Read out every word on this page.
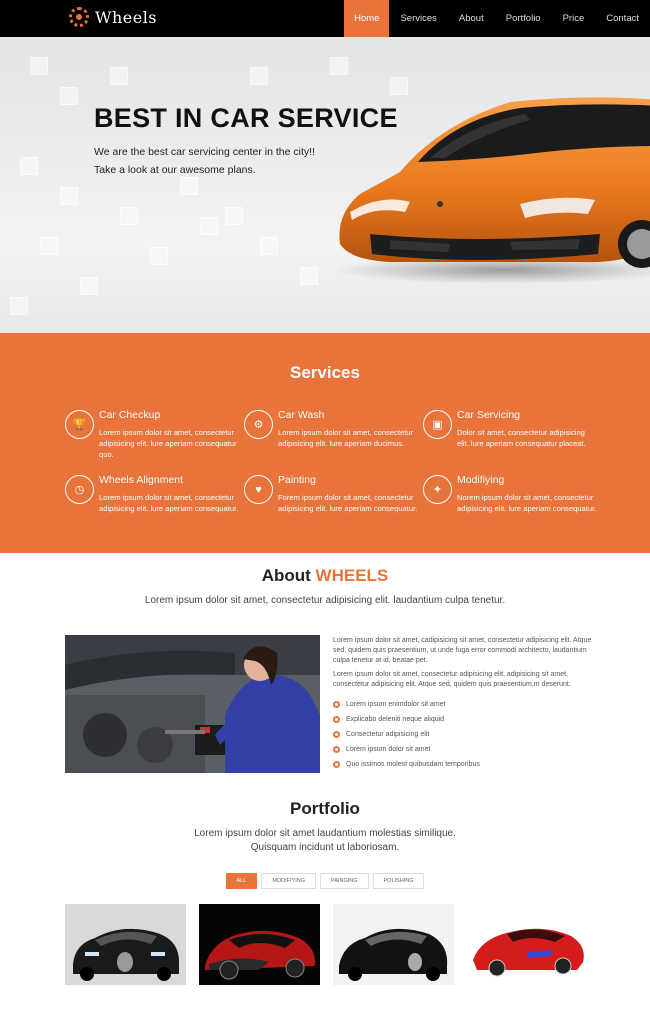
Wheels	Home	Services	About	Portfolio	Price	Contact
BEST IN CAR SERVICE
We are the best car servicing center in the city!!
Take a look at our awesome plans.
Services
🏆
Car Checkup
Lorem ipsum dolor sit amet, consectetur adipisicing elit. lure aperiam consequatur quo.
⚙
Car Wash
Lorem ipsum dolor sit amet, consectetur adipisicing elit. lure aperiam ducimus.
▣
Car Servicing
Dolor sit amet, consectetur adipisicing elit. lure aperiam consequatur placeat.
◷
Wheels Alignment
Lorem ipsum dolor sit amet, consectetur adipisicing elit. lure aperiam consequatur.
♥
Painting
Forem ipsum dolor sit amet, consectetur adipisicing elit. lure aperiam consequatur.
✦
Modifiying
Norem ipsum dolor sit amet, consectetur adipisicing elit. lure aperiam consequatur.
About WHEELS
Lorem ipsum dolor sit amet, consectetur adipisicing elit. laudantium culpa tenetur.

Lorem ipsum dolor sit amet, cadipisicing sit amet, consectetur adipisicing elit. Atque sed, quidem quis praesentium, ut unde fuga error commodi architecto, laudantium culpa tenetur at id, beatae pet.

Lorem ipsum dolor sit amet, consectetur adipisicing elit. adipisicing sit amet, consectetur adipisicing elit. Atque sed, quidem quis praesentium,m deserunt.

Lorem ipsum enimdolor sit amet
Explicabo deleniti neque aliquid
Consectetur adipisicing elit
Lorem ipsum dolor sit amet
Quo issimos molest quibusdam temporibus
Portfolio
Lorem ipsum dolor sit amet laudantium molestias similique.
Quisquam incidunt ut laboriosam.
ALL	MODIFIYING	PAINGING	POLISHING
